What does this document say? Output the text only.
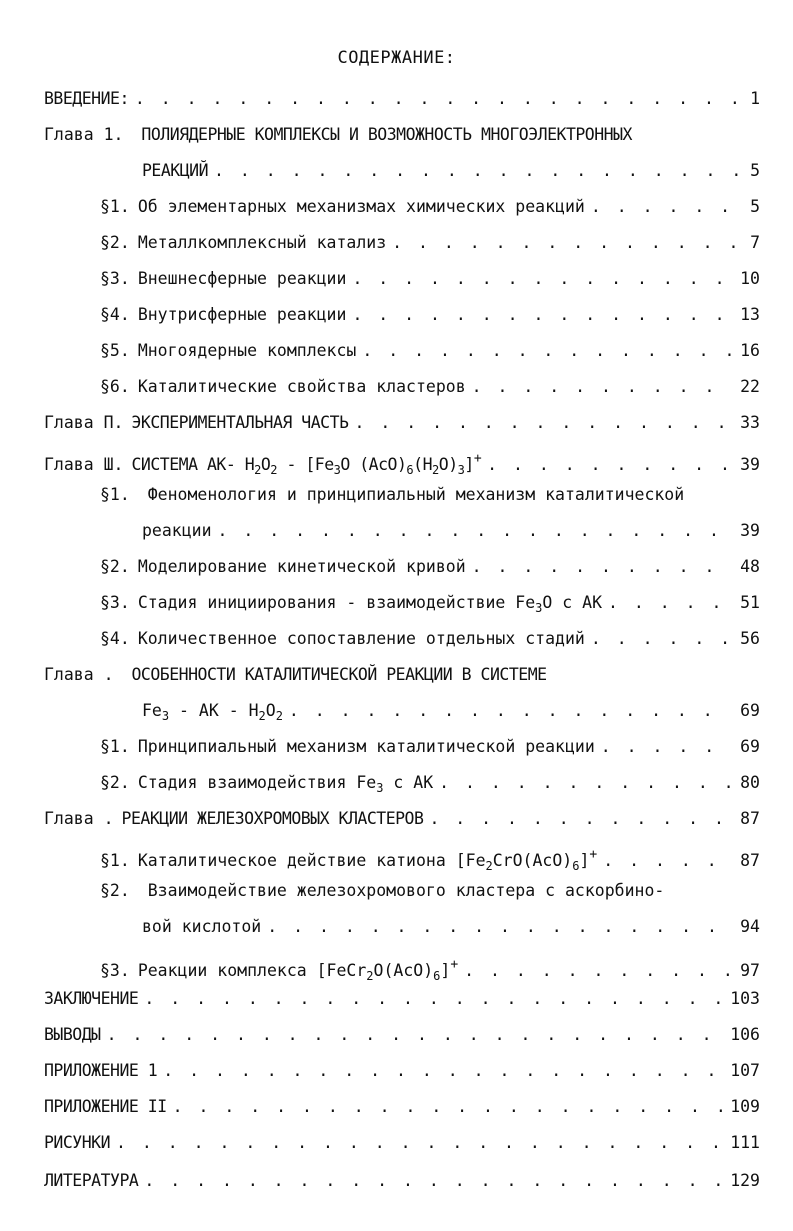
СОДЕРЖАНИЕ:
ВВЕДЕНИЕ: . . .	1
Глава 1. ПОЛИЯДЕРНЫЕ КОМПЛЕКСЫ И ВОЗМОЖНОСТЬ МНОГОЭЛЕКТРОННЫХ
РЕАКЦИЙ . . .	5
§1. Об элементарных механизмах химических реакций . . .	5
§2. Металлкомплексный катализ . . .	7
§3. Внешнесферные реакции . . .	10
§4. Внутрисферные реакции . . .	13
§5. Многоядерные комплексы . . .	16
§6. Каталитические свойства кластеров . . .	22
Глава П. ЭКСПЕРИМЕНТАЛЬНАЯ ЧАСТЬ . . .	33
Глава Ш. СИСТЕМА АК- $H_2O_2 - [Fe_3O$ $(AcO)_6(H_2O)_3]^+$ . . .	39
§1. Феноменология и принципиальный механизм каталитической
реакции . . .	39
§2. Моделирование кинетической кривой . . .	48
§3. Стадия инициирования - взаимодействие $Fe_3O$ с АК . . .	51
§4. Количественное сопоставление отдельных стадий . . .	56
Глава . ОСОБЕННОСТИ КАТАЛИТИЧЕСКОЙ РЕАКЦИИ В СИСТЕМЕ
$Fe_3$ - АК - $H_2O_2$ . . .	69
§1. Принципиальный механизм каталитической реакции . . .	69
§2. Стадия взаимодействия $Fe_3$ с АК . . .	80
Глава . РЕАКЦИИ ЖЕЛЕЗОХРОМОВЫХ КЛАСТЕРОВ . . .	87
§1. Каталитическое действие катиона $[Fe_2CrO(AcO)_6]^+$ . . .	87
§2. Взаимодействие железохромового кластера с аскорбино-
вой кислотой . . .	94
§3. Реакции комплекса $[FeCr_2O(AcO)_6]^+$ . . .	97
ЗАКЛЮЧЕНИЕ . . .	103
ВЫВОДЫ . . .	106
ПРИЛОЖЕНИЕ 1 . . .	107
ПРИЛОЖЕНИЕ II . . .	109
РИСУНКИ . . .	111
ЛИТЕРАТУРА . . .	129
